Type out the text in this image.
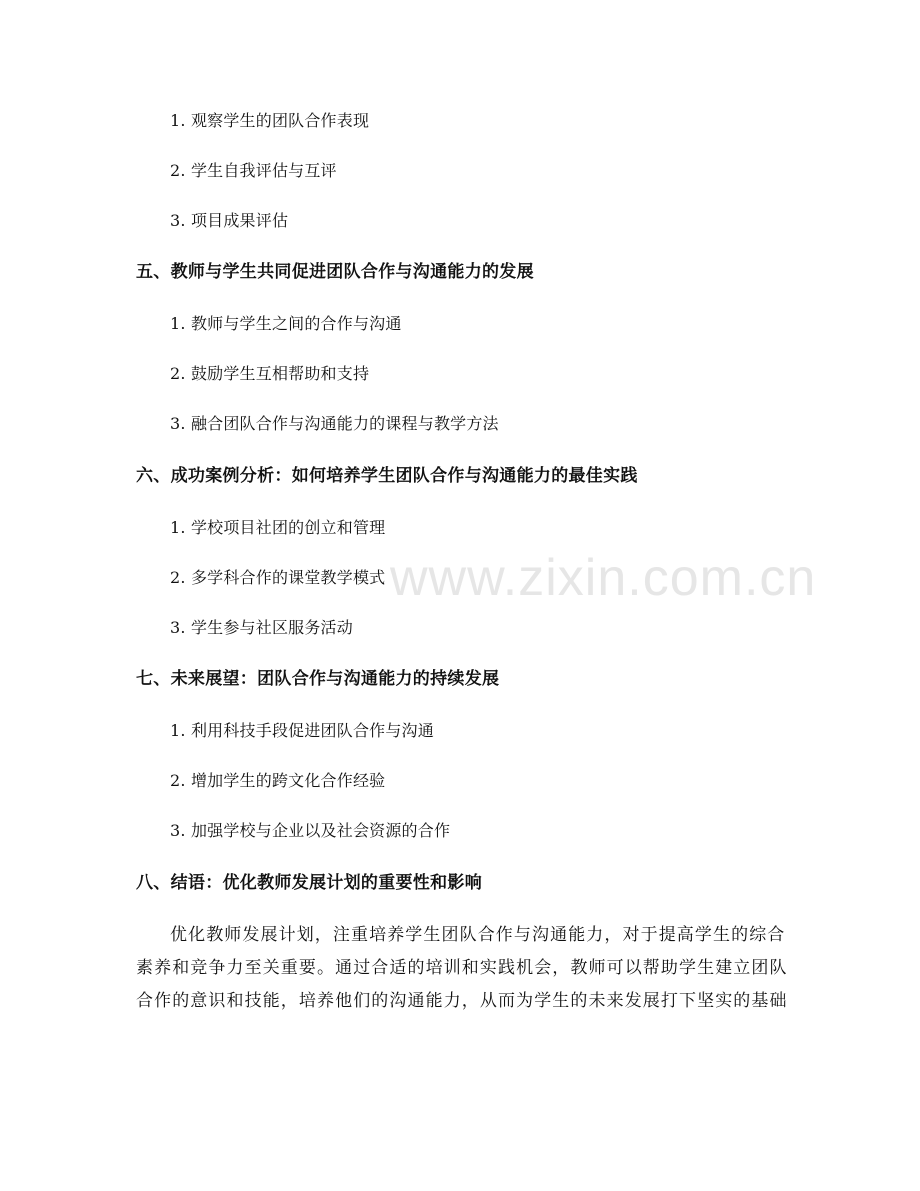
www.zixin.com.cn
1. 观察学生的团队合作表现
2. 学生自我评估与互评
3. 项目成果评估
五、教师与学生共同促进团队合作与沟通能力的发展
1. 教师与学生之间的合作与沟通
2. 鼓励学生互相帮助和支持
3. 融合团队合作与沟通能力的课程与教学方法
六、成功案例分析：如何培养学生团队合作与沟通能力的最佳实践
1. 学校项目社团的创立和管理
2. 多学科合作的课堂教学模式
3. 学生参与社区服务活动
七、未来展望：团队合作与沟通能力的持续发展
1. 利用科技手段促进团队合作与沟通
2. 增加学生的跨文化合作经验
3. 加强学校与企业以及社会资源的合作
八、结语：优化教师发展计划的重要性和影响
优化教师发展计划，注重培养学生团队合作与沟通能力，对于提高学生的综合
素养和竞争力至关重要。通过合适的培训和实践机会，教师可以帮助学生建立团队
合作的意识和技能，培养他们的沟通能力，从而为学生的未来发展打下坚实的基础
